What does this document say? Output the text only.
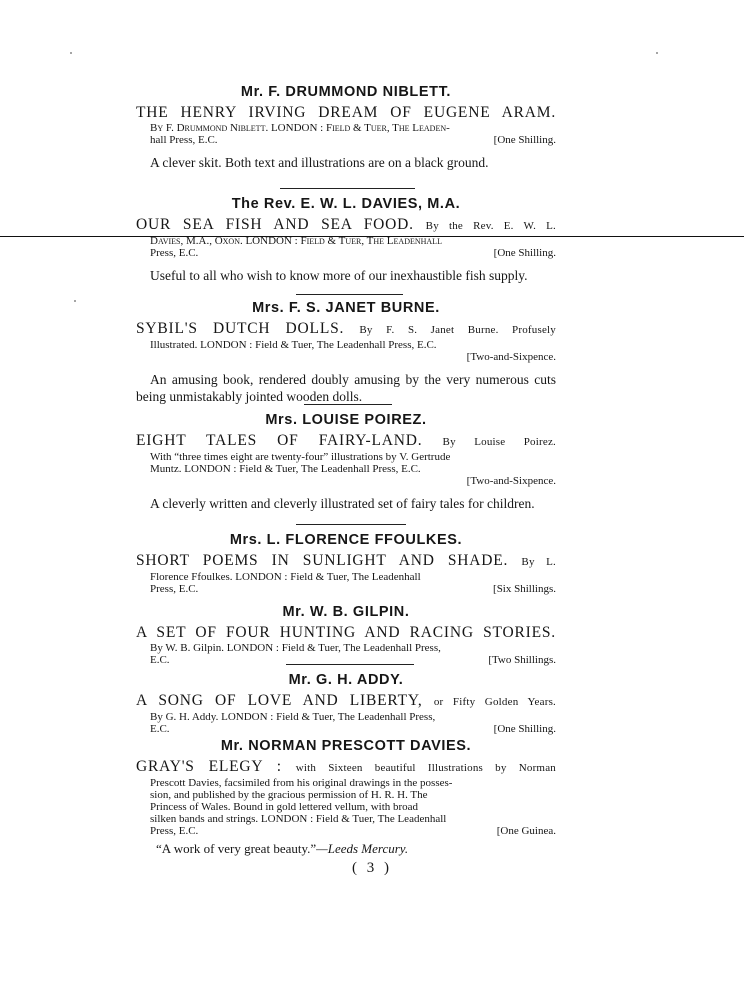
Mr. F. DRUMMOND NIBLETT.
THE HENRY IRVING DREAM OF EUGENE ARAM.
By F. Drummond Niblett. LONDON : Field & Tuer, The Leaden-
hall Press, E.C.	[One Shilling.
A clever skit. Both text and illustrations are on a black ground.
The Rev. E. W. L. DAVIES, M.A.
OUR SEA FISH AND SEA FOOD. By the Rev. E. W. L.
Davies, M.A., Oxon. LONDON : Field & Tuer, The Leadenhall
Press, E.C.	[One Shilling.
Useful to all who wish to know more of our inexhaustible fish supply.
Mrs. F. S. JANET BURNE.
SYBIL'S DUTCH DOLLS. By F. S. Janet Burne. Profusely
Illustrated. LONDON : Field & Tuer, The Leadenhall Press, E.C.
[Two-and-Sixpence.
An amusing book, rendered doubly amusing by the very numerous cuts being unmistakably jointed wooden dolls.
Mrs. LOUISE POIREZ.
EIGHT TALES OF FAIRY-LAND. By Louise Poirez.
With “three times eight are twenty-four” illustrations by V. Gertrude
Muntz. LONDON : Field & Tuer, The Leadenhall Press, E.C.
[Two-and-Sixpence.
A cleverly written and cleverly illustrated set of fairy tales for children.
Mrs. L. FLORENCE FFOULKES.
SHORT POEMS IN SUNLIGHT AND SHADE. By L.
Florence Ffoulkes. LONDON : Field & Tuer, The Leadenhall
Press, E.C.	[Six Shillings.
Mr. W. B. GILPIN.
A SET OF FOUR HUNTING AND RACING STORIES.
By W. B. Gilpin. LONDON : Field & Tuer, The Leadenhall Press,
E.C.	[Two Shillings.
Mr. G. H. ADDY.
A SONG OF LOVE AND LIBERTY, or Fifty Golden Years.
By G. H. Addy. LONDON : Field & Tuer, The Leadenhall Press,
E.C.	[One Shilling.
Mr. NORMAN PRESCOTT DAVIES.
GRAY'S ELEGY : with Sixteen beautiful Illustrations by Norman
Prescott Davies, facsimiled from his original drawings in the posses-
sion, and published by the gracious permission of H. R. H. The
Princess of Wales. Bound in gold lettered vellum, with broad
silken bands and strings. LONDON : Field & Tuer, The Leadenhall
Press, E.C.	[One Guinea.
“A work of very great beauty.”—Leeds Mercury.
( 3 )
